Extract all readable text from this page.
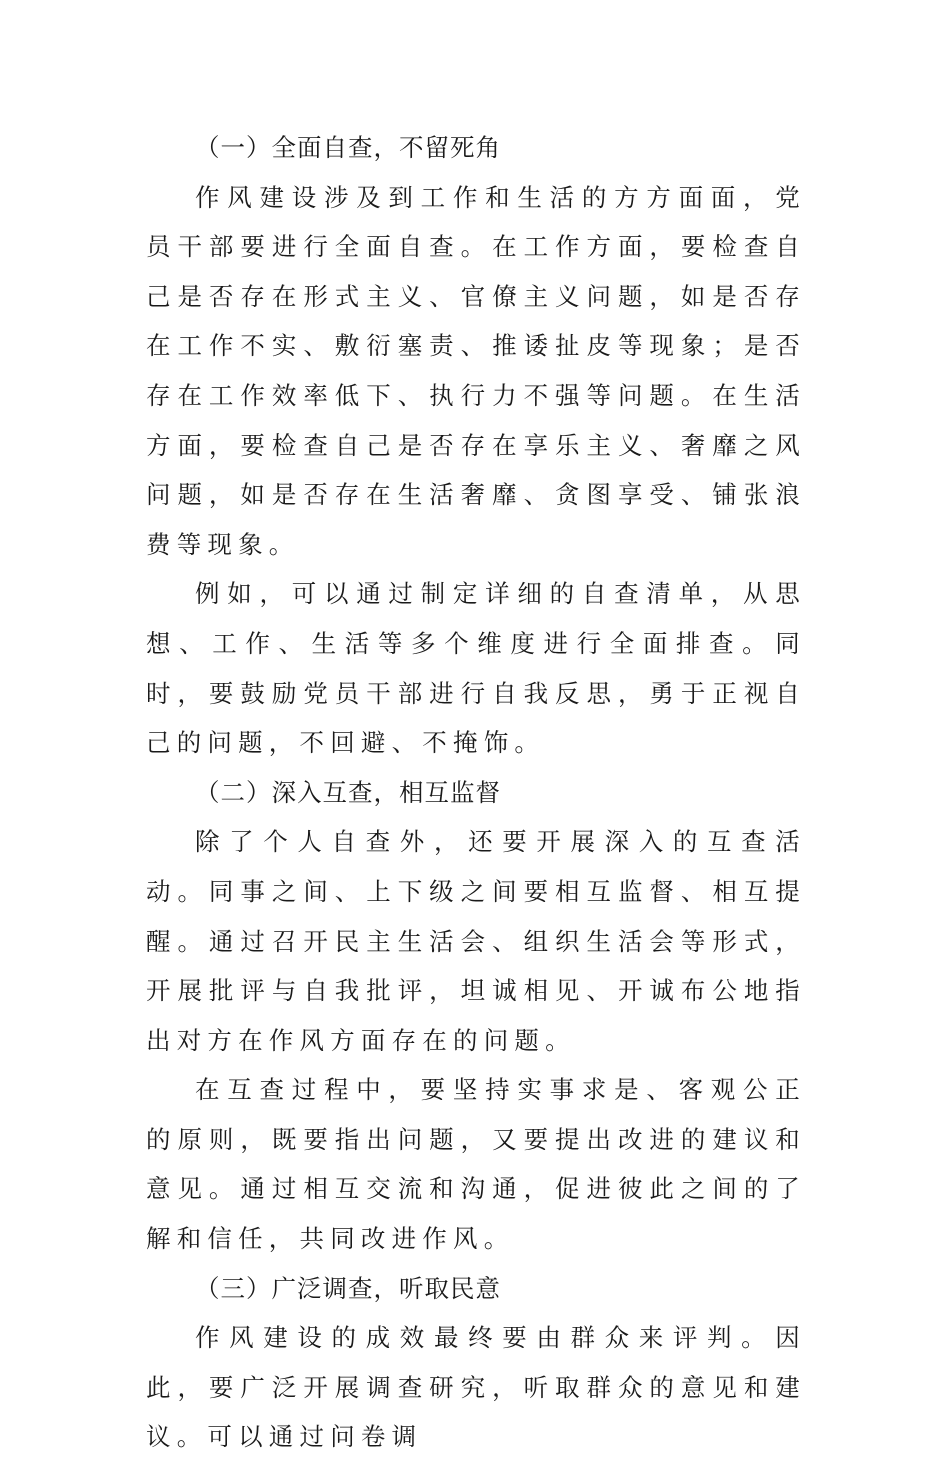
（一）全面自查，不留死角

作风建设涉及到工作和生活的方方面面，党员干部要进行全面自查。在工作方面，要检查自己是否存在形式主义、官僚主义问题，如是否存在工作不实、敷衍塞责、推诿扯皮等现象；是否存在工作效率低下、执行力不强等问题。在生活方面，要检查自己是否存在享乐主义、奢靡之风问题，如是否存在生活奢靡、贪图享受、铺张浪费等现象。

例如，可以通过制定详细的自查清单，从思想、工作、生活等多个维度进行全面排查。同时，要鼓励党员干部进行自我反思，勇于正视自己的问题，不回避、不掩饰。

（二）深入互查，相互监督

除了个人自查外，还要开展深入的互查活动。同事之间、上下级之间要相互监督、相互提醒。通过召开民主生活会、组织生活会等形式，开展批评与自我批评，坦诚相见、开诚布公地指出对方在作风方面存在的问题。

在互查过程中，要坚持实事求是、客观公正的原则，既要指出问题，又要提出改进的建议和意见。通过相互交流和沟通，促进彼此之间的了解和信任，共同改进作风。

（三）广泛调查，听取民意

作风建设的成效最终要由群众来评判。因此，要广泛开展调查研究，听取群众的意见和建议。可以通过问卷调
